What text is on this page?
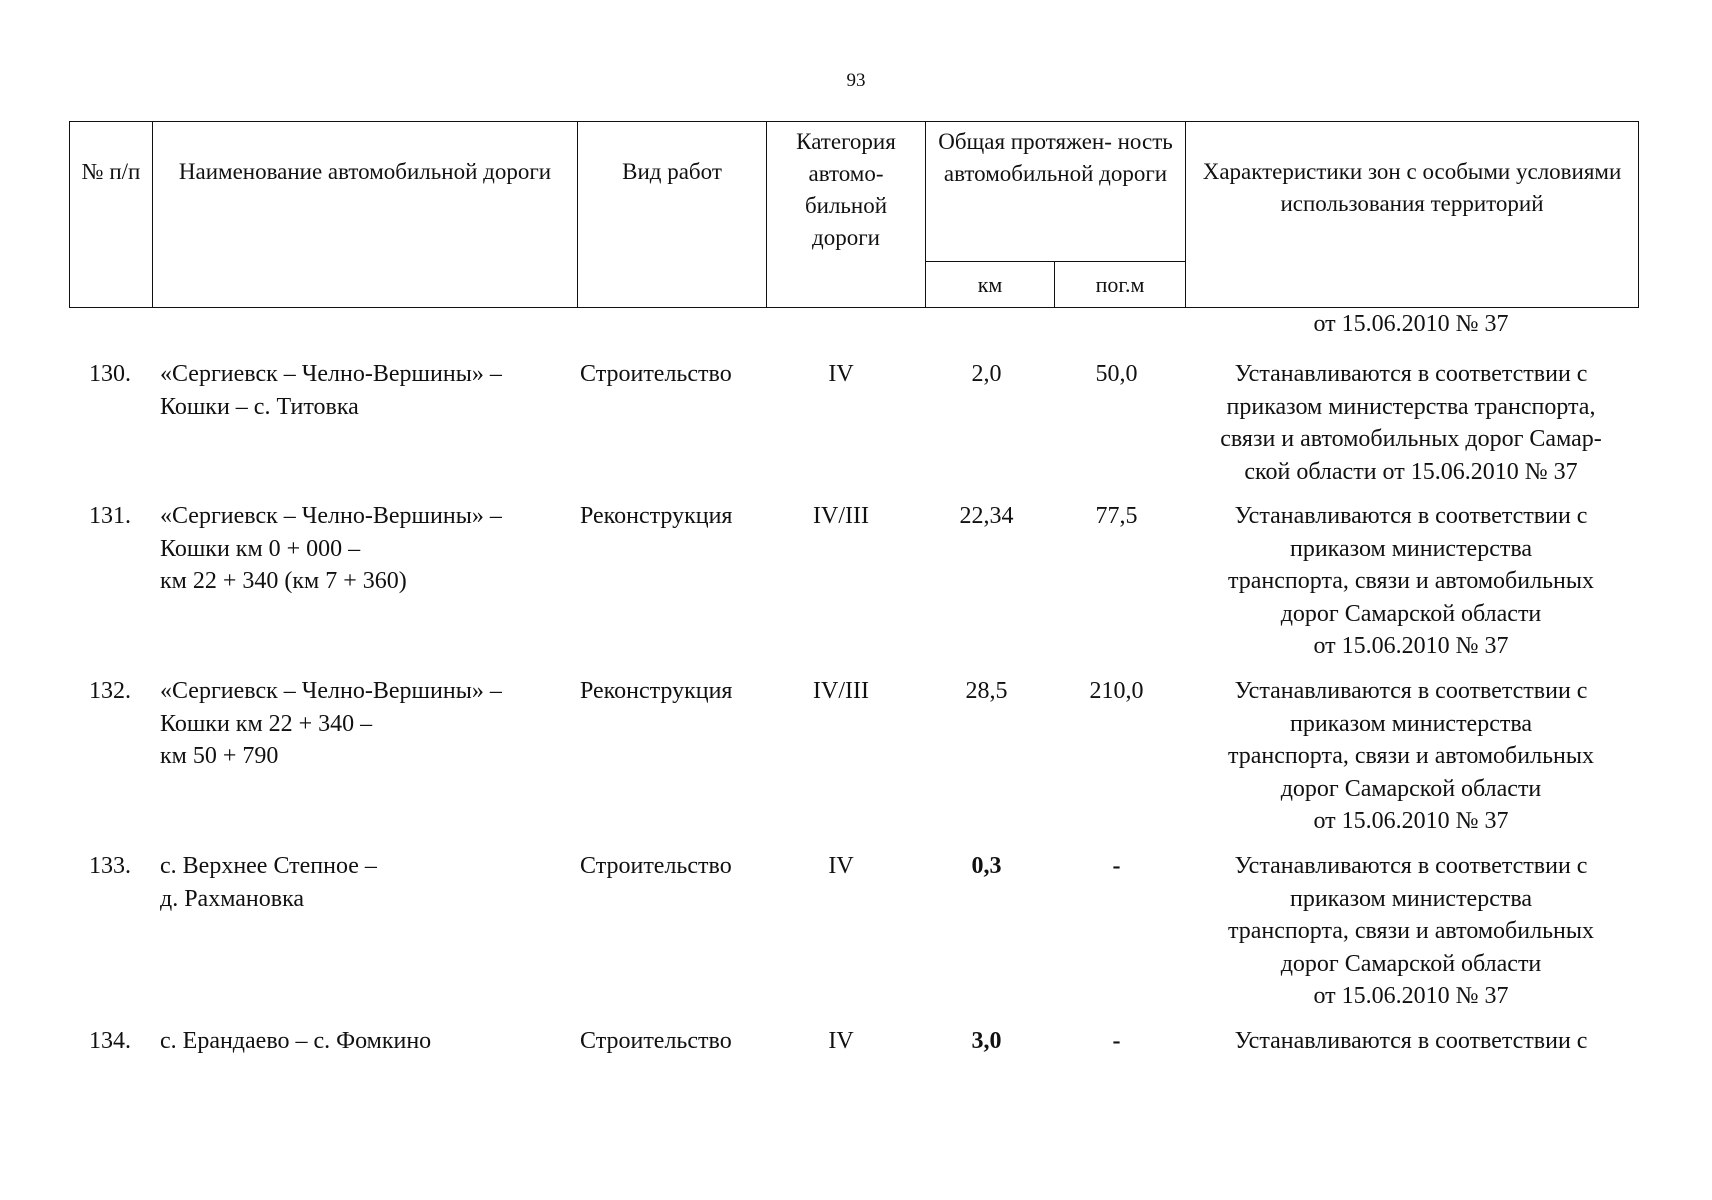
93
№ п/п	Наименование автомобильной дороги	Вид работ	Категория автомо- бильной дороги	Общая протяжен- ность автомобильной дороги		Характеристики зон с особыми условиями использования территорий
				км	пог.м	
от 15.06.2010 № 37
130. «Сергиевск – Челно-Вершины» –
Кошки – с. Титовка
Строительство	IV	2,0	50,0	Устанавливаются в соответствии с
приказом министерства транспорта,
связи и автомобильных дорог Самар-
ской области от 15.06.2010 № 37
131. «Сергиевск – Челно-Вершины» –
Кошки км 0 + 000 –
км 22 + 340 (км 7 + 360)
Реконструкция	IV/III	22,34	77,5	Устанавливаются в соответствии с
приказом министерства
транспорта, связи и автомобильных
дорог Самарской области
от 15.06.2010 № 37
132. «Сергиевск – Челно-Вершины» –
Кошки км 22 + 340 –
км 50 + 790
Реконструкция	IV/III	28,5	210,0	Устанавливаются в соответствии с
приказом министерства
транспорта, связи и автомобильных
дорог Самарской области
от 15.06.2010 № 37
133. с. Верхнее Степное –
д. Рахмановка
Строительство	IV	0,3	-	Устанавливаются в соответствии с
приказом министерства
транспорта, связи и автомобильных
дорог Самарской области
от 15.06.2010 № 37
134. с. Ерандаево – с. Фомкино	Строительство	IV	3,0	-	Устанавливаются в соответствии с
